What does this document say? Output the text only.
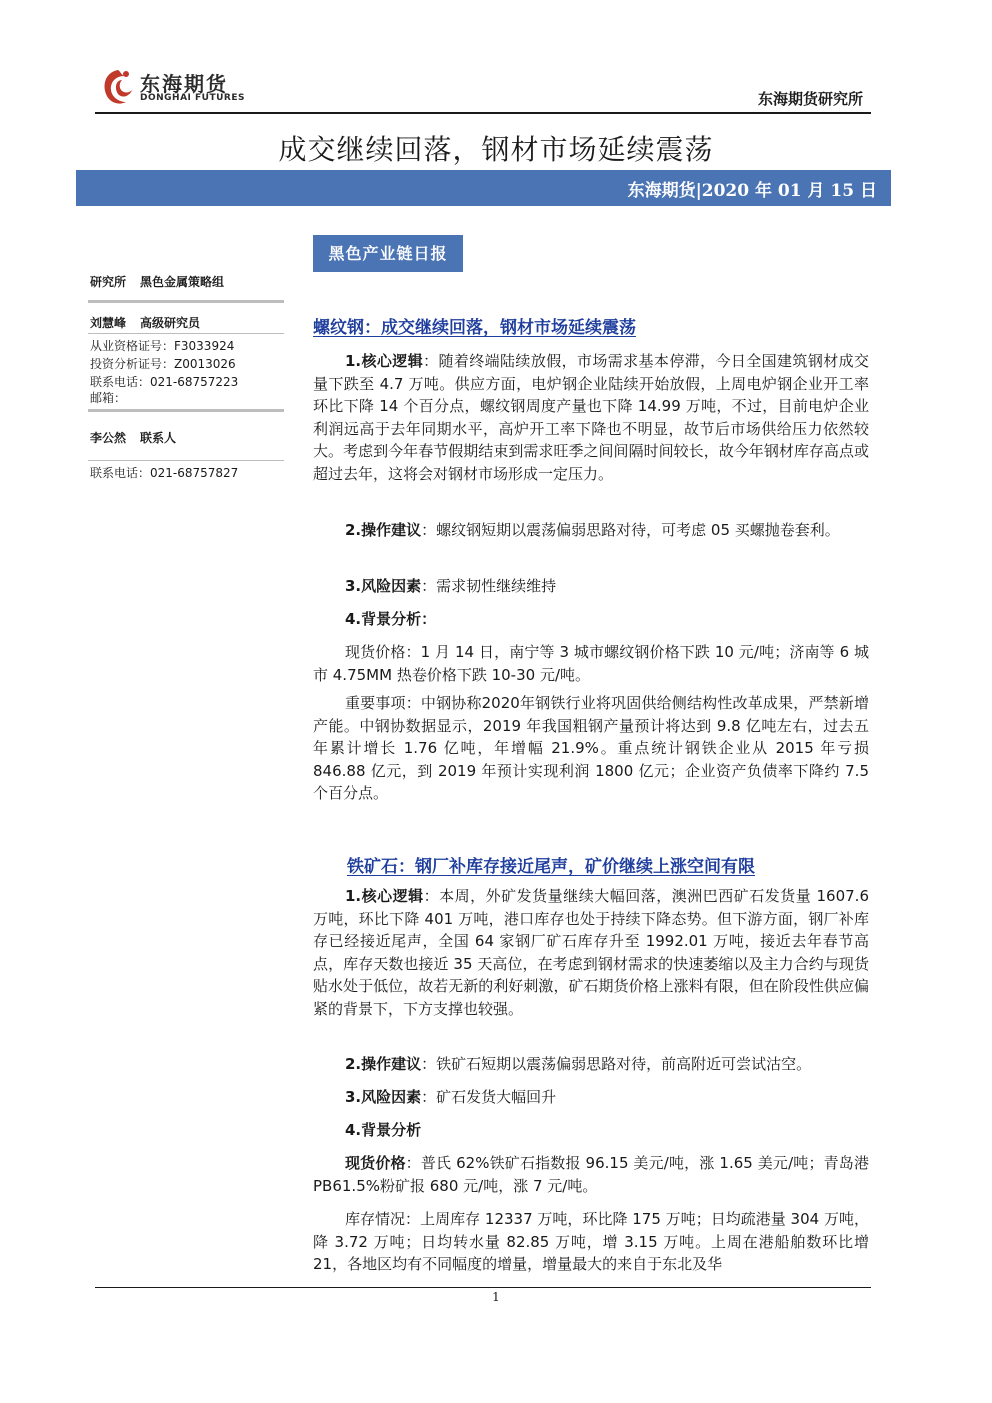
东海期货
DONGHAI FUTURES	东海期货研究所
成交继续回落，钢材市场延续震荡
东海期货|2020 年 01 月 15 日
黑色产业链日报
研究所 黑色金属策略组
刘慧峰 高级研究员
从业资格证号：F3033924
投资分析证号：Z0013026
联系电话：021-68757223
邮箱：
李公然 联系人
联系电话：021-68757827
螺纹钢：成交继续回落，钢材市场延续震荡
1.核心逻辑：随着终端陆续放假，市场需求基本停滞，今日全国建筑钢材成交量下跌至 4.7 万吨。供应方面，电炉钢企业陆续开始放假，上周电炉钢企业开工率环比下降 14 个百分点，螺纹钢周度产量也下降 14.99 万吨，不过，目前电炉企业利润远高于去年同期水平，高炉开工率下降也不明显，故节后市场供给压力依然较大。考虑到今年春节假期结束到需求旺季之间间隔时间较长，故今年钢材库存高点或超过去年，这将会对钢材市场形成一定压力。
2.操作建议：螺纹钢短期以震荡偏弱思路对待，可考虑 05 买螺抛卷套利。
3.风险因素：需求韧性继续维持
4.背景分析：
现货价格：1 月 14 日，南宁等 3 城市螺纹钢价格下跌 10 元/吨；济南等 6 城市 4.75MM 热卷价格下跌 10-30 元/吨。
重要事项：中钢协称2020年钢铁行业将巩固供给侧结构性改革成果，严禁新增产能。中钢协数据显示，2019 年我国粗钢产量预计将达到 9.8 亿吨左右，过去五年累计增长 1.76 亿吨，年增幅 21.9%。重点统计钢铁企业从 2015 年亏损 846.88 亿元，到 2019 年预计实现利润 1800 亿元；企业资产负债率下降约 7.5 个百分点。
铁矿石：钢厂补库存接近尾声，矿价继续上涨空间有限
1.核心逻辑：本周，外矿发货量继续大幅回落，澳洲巴西矿石发货量 1607.6 万吨，环比下降 401 万吨，港口库存也处于持续下降态势。但下游方面，钢厂补库存已经接近尾声，全国 64 家钢厂矿石库存升至 1992.01 万吨，接近去年春节高点，库存天数也接近 35 天高位，在考虑到钢材需求的快速萎缩以及主力合约与现货贴水处于低位，故若无新的利好刺激，矿石期货价格上涨料有限，但在阶段性供应偏紧的背景下，下方支撑也较强。
2.操作建议：铁矿石短期以震荡偏弱思路对待，前高附近可尝试沽空。
3.风险因素：矿石发货大幅回升
4.背景分析
现货价格：普氏 62%铁矿石指数报 96.15 美元/吨，涨 1.65 美元/吨；青岛港 PB61.5%粉矿报 680 元/吨，涨 7 元/吨。
库存情况：上周库存 12337 万吨，环比降 175 万吨；日均疏港量 304 万吨，降 3.72 万吨；日均转水量 82.85 万吨，增 3.15 万吨。上周在港船舶数环比增 21，各地区均有不同幅度的增量，增量最大的来自于东北及华
1
